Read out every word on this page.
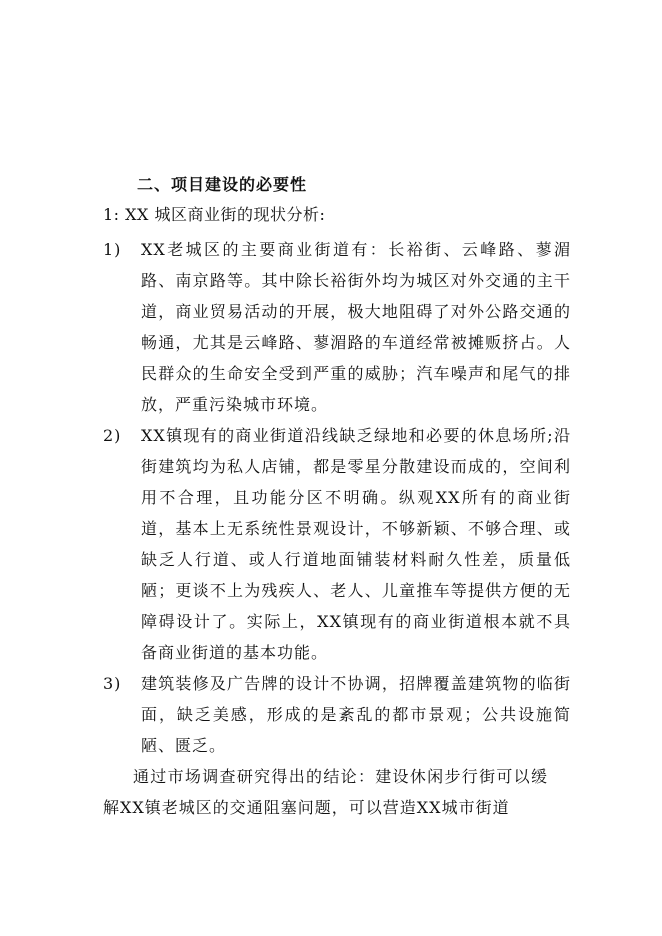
二、项目建设的必要性
1: XX 城区商业街的现状分析:
1)	XX老城区的主要商业街道有：长裕街、云峰路、蓼湄路、南京路等。其中除长裕街外均为城区对外交通的主干道，商业贸易活动的开展，极大地阻碍了对外公路交通的畅通，尤其是云峰路、蓼湄路的车道经常被摊贩挤占。人民群众的生命安全受到严重的威胁；汽车噪声和尾气的排放，严重污染城市环境。
2)	XX镇现有的商业街道沿线缺乏绿地和必要的休息场所;沿街建筑均为私人店铺，都是零星分散建设而成的，空间利用不合理，且功能分区不明确。纵观XX所有的商业街道，基本上无系统性景观设计，不够新颖、不够合理、或缺乏人行道、或人行道地面铺装材料耐久性差，质量低陋；更谈不上为残疾人、老人、儿童推车等提供方便的无障碍设计了。实际上，XX镇现有的商业街道根本就不具备商业街道的基本功能。
3)	建筑装修及广告牌的设计不协调，招牌覆盖建筑物的临街面，缺乏美感，形成的是紊乱的都市景观；公共设施简陋、匮乏。
通过市场调查研究得出的结论：建设休闲步行街可以缓解XX镇老城区的交通阻塞问题，可以营造XX城市街道
